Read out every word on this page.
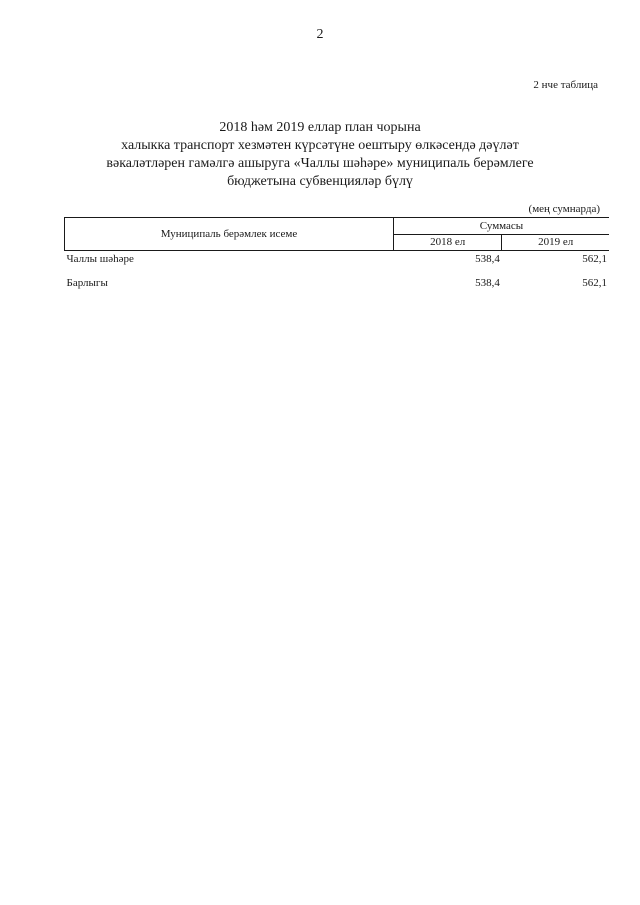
2
2 нче таблица
2018 һәм 2019 еллар план чорына
халыкка транспорт хезмәтен күрсәтүне оештыру өлкәсендә дәүләт
вәкаләтләрен гамәлгә ашыруга «Чаллы шәһәре» муниципаль берәмлеге
бюджетына субвенцияләр бүлү
(мең сумнарда)
Муниципаль берәмлек исеме	Суммасы	
	2018 ел	2019 ел
Чаллы шәһәре	538,4	562,1
Барлыгы	538,4	562,1
